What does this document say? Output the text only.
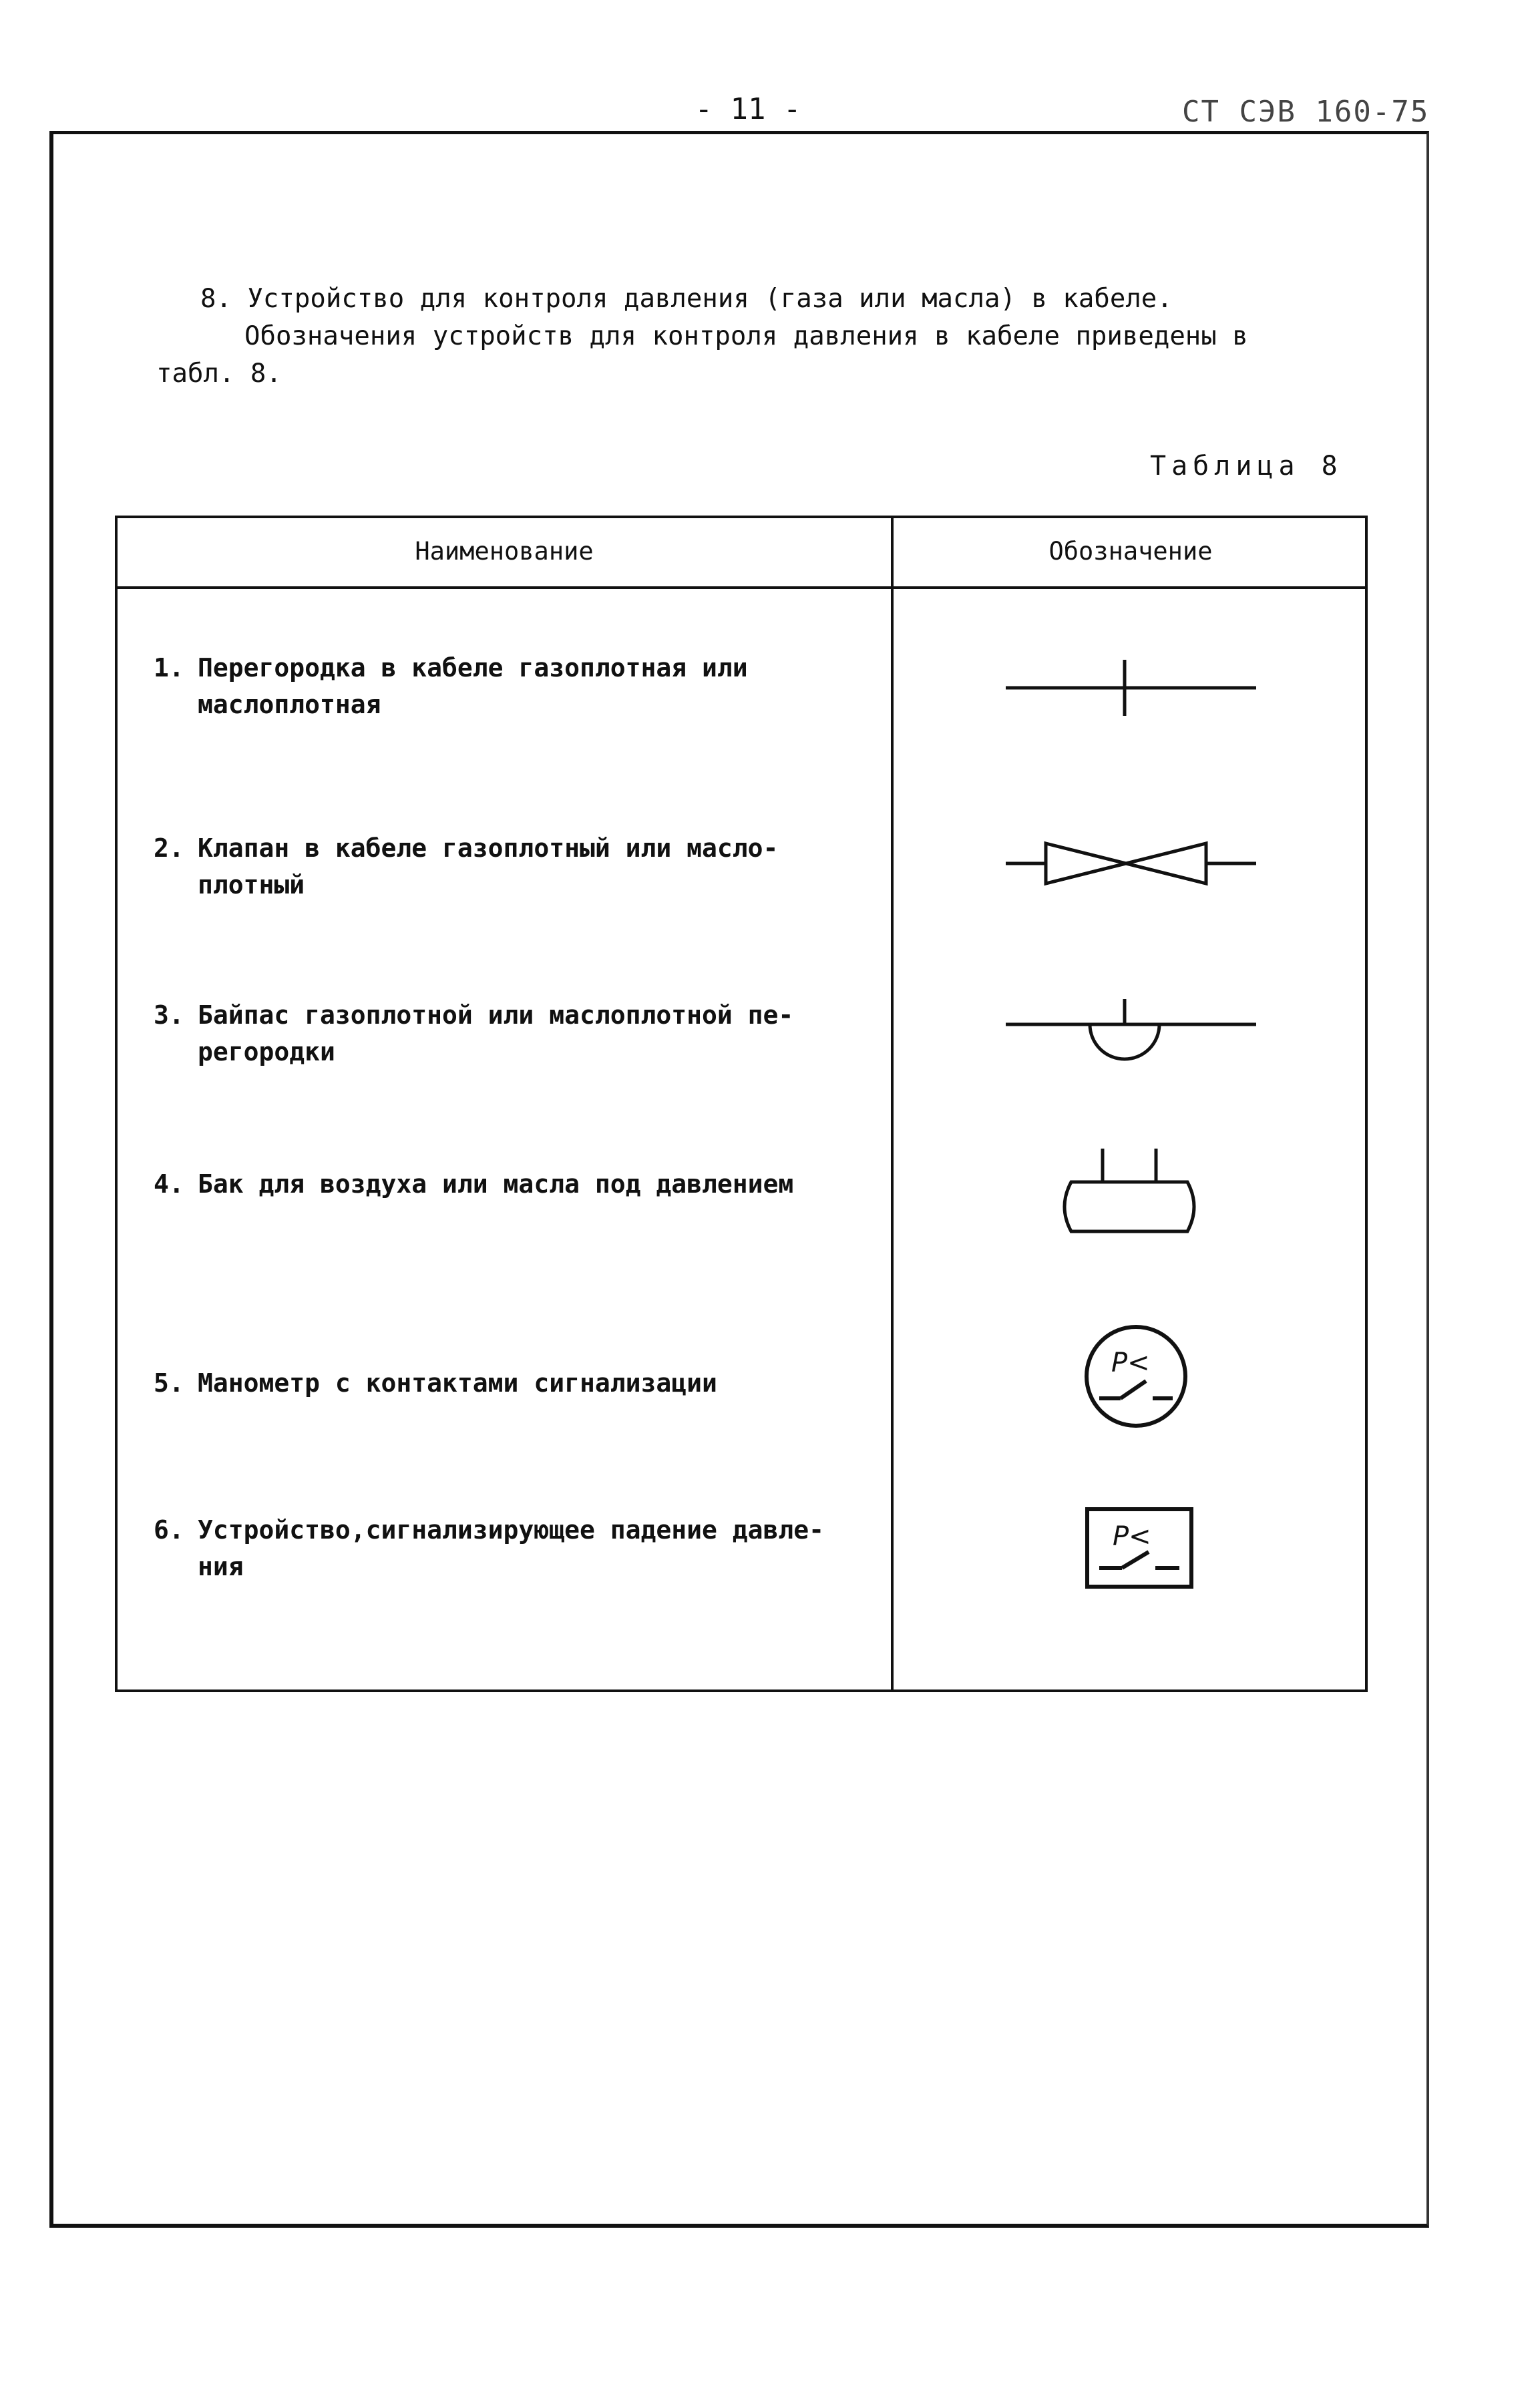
- 11 -	СТ СЭВ 160-75
8. Устройство для контроля давления (газа или масла) в кабеле.
Обозначения устройств для контроля давления в кабеле приведены в
табл. 8.
Таблица 8
Наименование	Обозначение
1. Перегородка в кабеле газоплотная или
маслоплотная
2. Клапан в кабеле газоплотный или масло-
плотный
3. Байпас газоплотной или маслоплотной пе-
регородки
4. Бак для воздуха или масла под давлением
5. Манометр с контактами сигнализации
P<
6. Устройство,сигнализирующее падение давле-
ния
P<
